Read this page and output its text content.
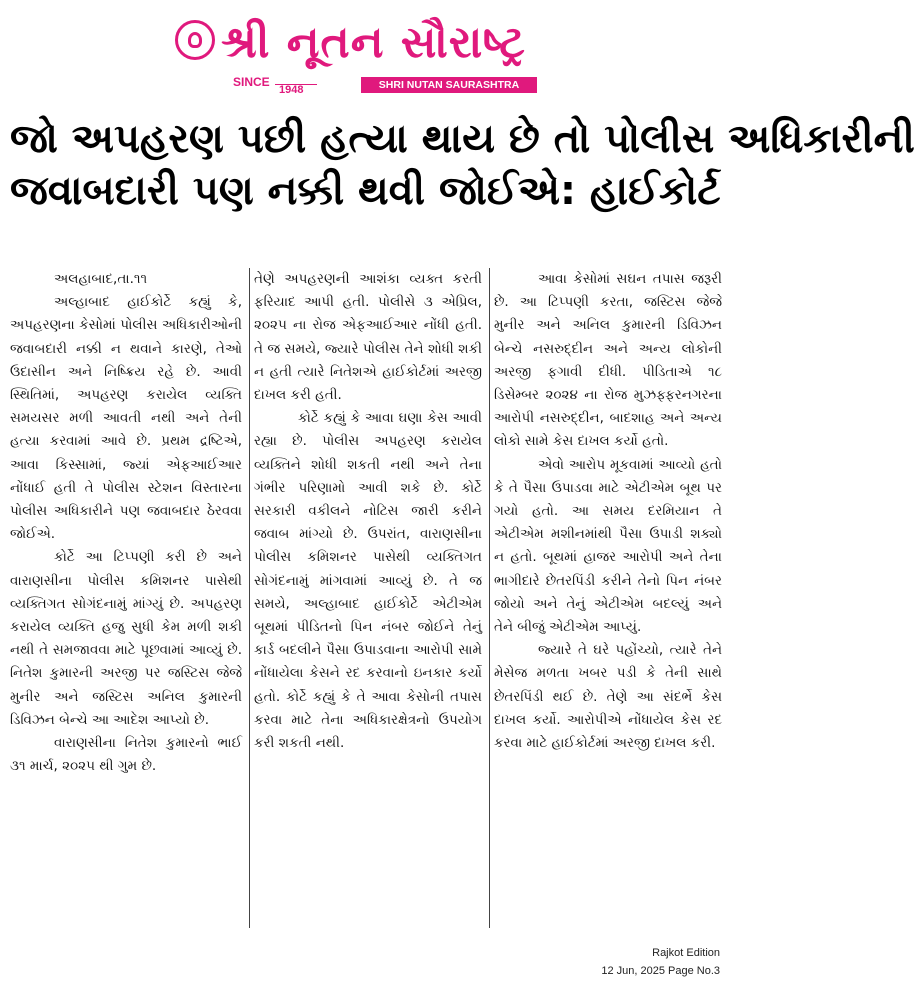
શ્રી નૂતન સૌરાષ્ટ્ર
SINCE
1948	SHRI NUTAN SAURASHTRA
જો અપહરણ પછી હત્યા થાય છે તો પોલીસ અધિકારીની
જવાબદારી પણ નક્કી થવી જોઈએ: હાઈકોર્ટ

અલહાબાદ,તા.૧૧

અલ્હાબાદ હાઈકોર્ટે કહ્યું કે, અપહરણના કેસોમાં પોલીસ અધિકારીઓની જવાબદારી નક્કી ન થવાને કારણે, તેઓ ઉદાસીન અને નિષ્ક્રિય રહે છે. આવી સ્થિતિમાં, અપહરણ કરાયેલ વ્યક્તિ સમયસર મળી આવતી નથી અને તેની હત્યા કરવામાં આવે છે. પ્રથમ દ્રષ્ટિએ, આવા કિસ્સામાં, જ્યાં એફઆઈઆર નોંધાઈ હતી તે પોલીસ સ્ટેશન વિસ્તારના પોલીસ અધિકારીને પણ જવાબદાર ઠેરવવા જોઈએ.

કોર્ટે આ ટિપ્પણી કરી છે અને વારાણસીના પોલીસ કમિશનર પાસેથી વ્યક્તિગત સોગંદનામું માંગ્યું છે. અપહરણ કરાયેલ વ્યક્તિ હજુ સુધી કેમ મળી શકી નથી તે સમજાવવા માટે પૂછવામાં આવ્યું છે. નિતેશ કુમારની અરજી પર જસ્ટિસ જેજે મુનીર અને જસ્ટિસ અનિલ કુમારની ડિવિઝન બેન્ચે આ આદેશ આપ્યો છે.

વારાણસીના નિતેશ કુમારનો ભાઈ ૩૧ માર્ચ, ૨૦૨૫ થી ગુમ છે.

તેણે અપહરણની આશંકા વ્યક્ત કરતી ફરિયાદ આપી હતી. પોલીસે ૩ એપ્રિલ, ૨૦૨૫ ના રોજ એફઆઈઆર નોંધી હતી. તે જ સમયે, જ્યારે પોલીસ તેને શોધી શકી ન હતી ત્યારે નિતેશએ હાઈકોર્ટમાં અરજી દાખલ કરી હતી.

કોર્ટે કહ્યું કે આવા ઘણા કેસ આવી રહ્યા છે. પોલીસ અપહરણ કરાયેલ વ્યક્તિને શોધી શકતી નથી અને તેના ગંભીર પરિણામો આવી શકે છે. કોર્ટે સરકારી વકીલને નોટિસ જારી કરીને જવાબ માંગ્યો છે. ઉપરાંત, વારાણસીના પોલીસ કમિશનર પાસેથી વ્યક્તિગત સોગંદનામું માંગવામાં આવ્યું છે. તે જ સમયે, અલ્હાબાદ હાઈકોર્ટે એટીએમ બૂથમાં પીડિતનો પિન નંબર જોઈને તેનું કાર્ડ બદલીને પૈસા ઉપાડવાના આરોપી સામે નોંધાયેલા કેસને રદ કરવાનો ઇનકાર કર્યો હતો. કોર્ટે કહ્યું કે તે આવા કેસોની તપાસ કરવા માટે તેના અધિકારક્ષેત્રનો ઉપયોગ કરી શકતી નથી.

આવા કેસોમાં સઘન તપાસ જરૂરી છે. આ ટિપ્પણી કરતા, જસ્ટિસ જેજે મુનીર અને અનિલ કુમારની ડિવિઝન બેન્ચે નસરુદ્દીન અને અન્ય લોકોની અરજી ફગાવી દીધી. પીડિતાએ ૧૮ ડિસેમ્બર ૨૦૨૪ ના રોજ મુઝફ્ફરનગરના આરોપી નસરુદ્દીન, બાદશાહ અને અન્ય લોકો સામે કેસ દાખલ કર્યો હતો.

એવો આરોપ મૂકવામાં આવ્યો હતો કે તે પૈસા ઉપાડવા માટે એટીએમ બૂથ પર ગયો હતો. આ સમય દરમિયાન તે એટીએમ મશીનમાંથી પૈસા ઉપાડી શક્યો ન હતો. બૂથમાં હાજર આરોપી અને તેના ભાગીદારે છેતરપિંડી કરીને તેનો પિન નંબર જોયો અને તેનું એટીએમ બદલ્યું અને તેને બીજું એટીએમ આપ્યું.

જ્યારે તે ઘરે પહોંચ્યો, ત્યારે તેને મેસેજ મળતા ખબર પડી કે તેની સાથે છેતરપિંડી થઈ છે. તેણે આ સંદર્ભે કેસ દાખલ કર્યો. આરોપીએ નોંધાયેલ કેસ રદ કરવા માટે હાઈકોર્ટમાં અરજી દાખલ કરી.

Rajkot Edition
12 Jun, 2025 Page No.3
